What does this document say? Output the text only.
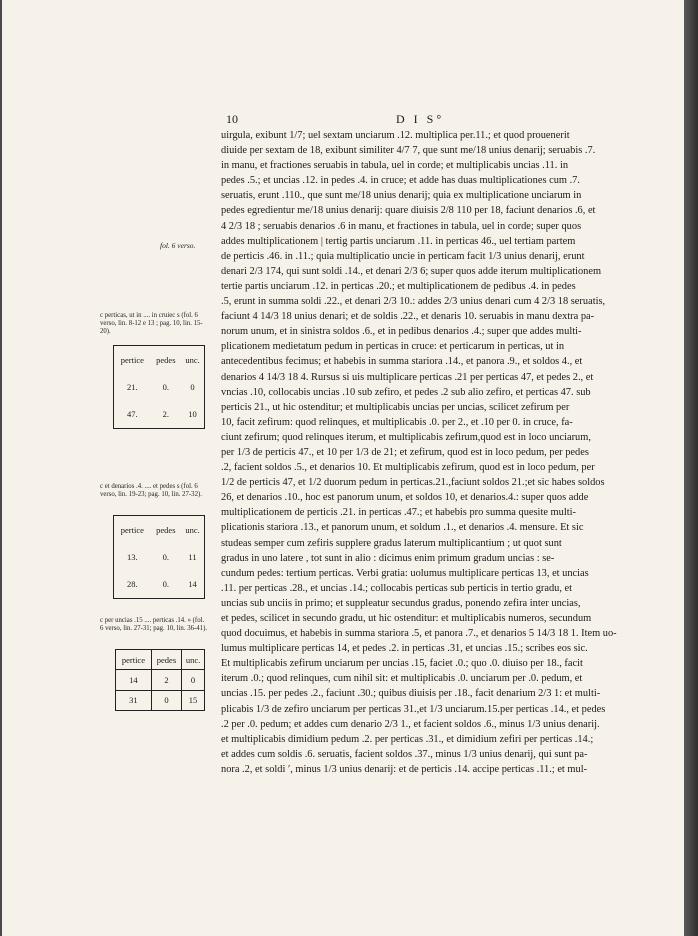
10	D I S°
fol. 6 verso.
c perticas, ut in .... in cruiec s (fol. 6 verso, lin. 8-12 e 13 ; pag. 10, lin. 15-20).
pertice	pedes	unc.
21.	0.	0
47.	2.	10
c et denarios .4. .... et pedes s (fol. 6 verso, lin. 19-23; pag. 10, lin. 27-32).
pertice	pedes	unc.
13.	0.	11
28.	0.	14
c per uncias .15 .... perticas .14. » (fol. 6 verso, lin. 27-31; pag. 10, lin. 36-41).
pertice	pedes	unc.
14	2	0
31	0	15
uirgula, exibunt 1/7; uel sextam unciarum .12. multiplica per.11.; et quod prouenerit
diuide per sextam de 18, exibunt similiter 4/7 7, que sunt me/18 unius denarij; seruabis .7.
in manu, et fractiones seruabis in tabula, uel in corde; et multiplicabis uncias .11. in
pedes .5.; et uncias .12. in pedes .4. in cruce; et adde has duas multiplicationes cum .7.
seruatis, erunt .110., que sunt me/18 unius denarij; quia ex multiplicatione unciarum in
pedes egredientur me/18 unius denarij: quare diuisis 2/8 110 per 18, faciunt denarios .6, et
4 2/3 18 ; seruabis denarios .6 in manu, et fractiones in tabula, uel in corde; super quos
addes multiplicationem | tertig partis unciarum .11. in perticas 46., uel tertiam partem
de perticis .46. in .11.; quia multiplicatio uncie in perticam facit 1/3 unius denarij, erunt
denari 2/3 174, qui sunt soldi .14., et denari 2/3 6; super quos adde iterum multiplicationem
tertie partis unciarum .12. in perticas .20.; et multiplicationem de pedibus .4. in pedes
.5, erunt in summa soldi .22., et denari 2/3 10.: addes 2/3 unius denari cum 4 2/3 18 seruatis,
faciunt 4 14/3 18 unius denari; et de soldis .22., et denaris 10. seruabis in manu dextra pa-
norum unum, et in sinistra soldos .6., et in pedibus denarios .4.; super que addes multi-
plicationem medietatum pedum in perticas in cruce: et perticarum in perticas, ut in
antecedentibus fecimus; et habebis in summa stariora .14., et panora .9., et soldos 4., et
denarios 4 14/3 18 4. Rursus si uis multiplicare perticas .21 per perticas 47, et pedes 2., et
vncias .10, collocabis uncias .10 sub zefiro, et pedes .2 sub alio zefiro, et perticas 47. sub
perticis 21., ut hic ostenditur; et multiplicabis uncias per uncias, scilicet zefirum per
10, facit zefirum: quod relinques, et multiplicabis .0. per 2., et .10 per 0. in cruce, fa-
ciunt zefirum; quod relinques iterum, et multiplicabis zefirum,quod est in loco unciarum,
per 1/3 de perticis 47., et 10 per 1/3 de 21; et zefirum, quod est in loco pedum, per pedes
.2, facient soldos .5., et denarios 10. Et multiplicabis zefirum, quod est in loco pedum, per
1/2 de perticis 47, et 1/2 duorum pedum in perticas.21.,faciunt soldos 21.;et sic habes soldos
26, et denarios .10., hoc est panorum unum, et soldos 10, et denarios.4.: super quos adde
multiplicationem de perticis .21. in perticas .47.; et habebis pro summa quesite multi-
plicationis stariora .13., et panorum unum, et soldum .1., et denarios .4. mensure. Et sic
studeas semper cum zefiris supplere gradus laterum multiplicantium ; ut quot sunt
gradus in uno latere , tot sunt in alio : dicimus enim primum gradum uncias : se-
cundum pedes: tertium perticas. Verbi gratia: uolumus multiplicare perticas 13, et uncias
.11. per perticas .28., et uncias .14.; collocabis perticas sub perticis in tertio gradu, et
uncias sub unciis in primo; et suppleatur secundus gradus, ponendo zefira inter uncias,
et pedes, scilicet in secundo gradu, ut hic ostenditur: et multiplicabis numeros, secundum
quod docuimus, et habebis in summa stariora .5, et panora .7., et denarios 5 14/3 18 1. Item uo-
lumus multiplicare perticas 14, et pedes .2. in perticas .31, et uncias .15.; scribes eos sic.
Et multiplicabis zefirum unciarum per uncias .15, faciet .0.; quo .0. diuiso per 18., facit
iterum .0.; quod relinques, cum nihil sit: et multiplicabis .0. unciarum per .0. pedum, et
uncias .15. per pedes .2., faciunt .30.; quibus diuisis per .18., facit denarium 2/3 1: et multi-
plicabis 1/3 de zefiro unciarum per perticas 31.,et 1/3 unciarum.15.per perticas .14., et pedes
.2 per .0. pedum; et addes cum denario 2/3 1., et facient soldos .6., minus 1/3 unius denarij.
et multiplicabis dimidium pedum .2. per perticas .31., et dimidium zefiri per perticas .14.;
et addes cum soldis .6. seruatis, facient soldos .37., minus 1/3 unius denarij, qui sunt pa-
nora .2, et soldi ′, minus 1/3 unius denarij: et de perticis .14. accipe perticas .11.; et mul-
